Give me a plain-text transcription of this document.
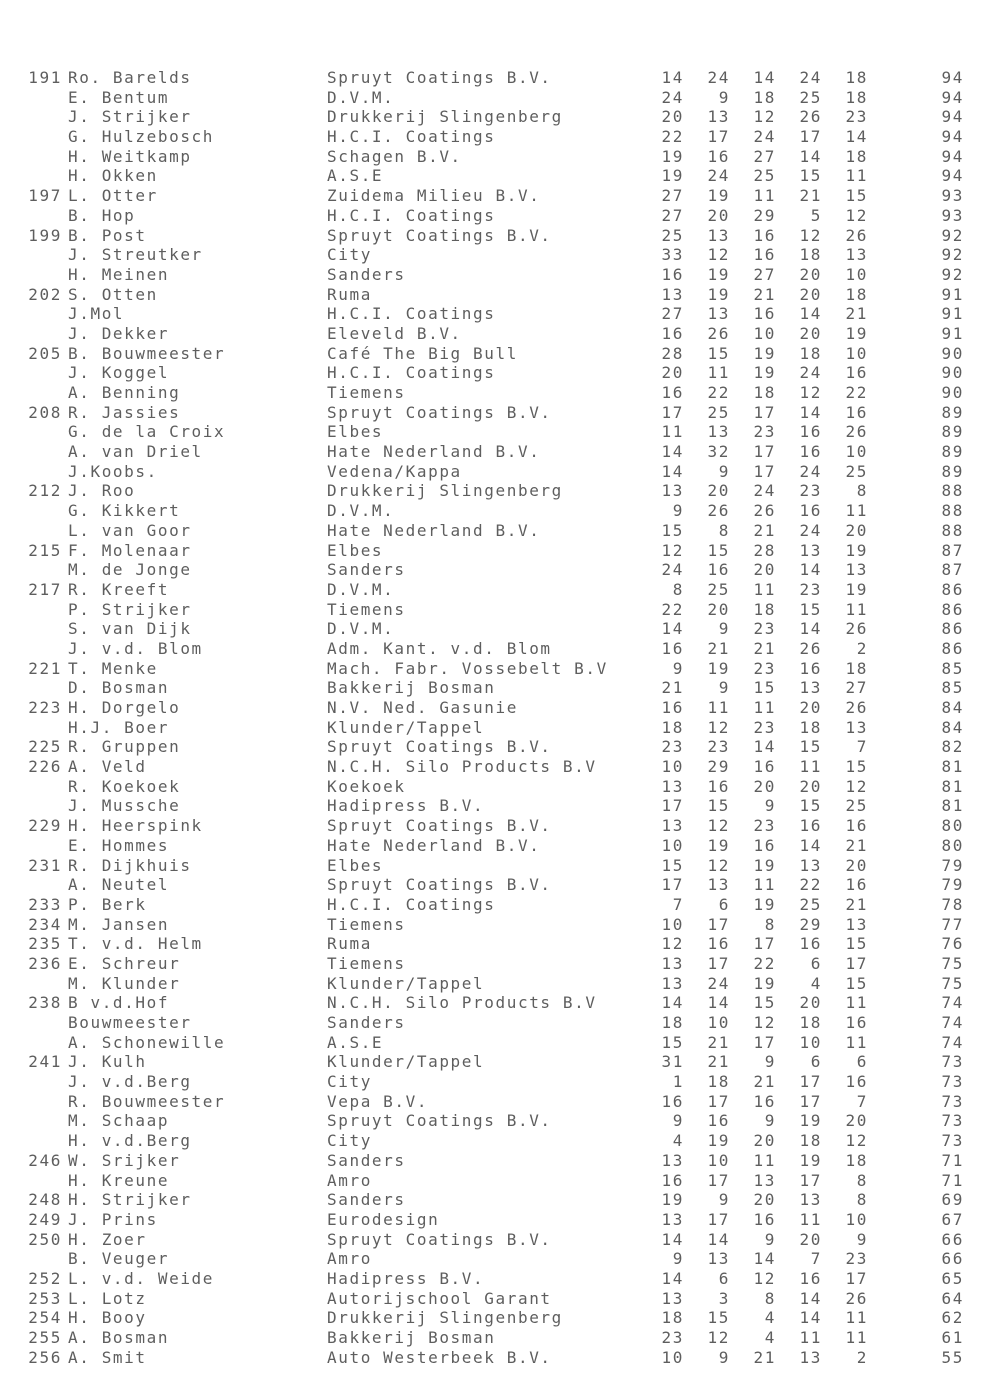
191 Ro. Barelds	Spruyt Coatings B.V.	14	24	14	24	18	94
E. Bentum	D.V.M.	24	9	18	25	18	94
J. Strijker	Drukkerij Slingenberg	20	13	12	26	23	94
G. Hulzebosch	H.C.I. Coatings	22	17	24	17	14	94
H. Weitkamp	Schagen B.V.	19	16	27	14	18	94
H. Okken	A.S.E	19	24	25	15	11	94
197 L. Otter	Zuidema Milieu B.V.	27	19	11	21	15	93
B. Hop	H.C.I. Coatings	27	20	29	5	12	93
199 B. Post	Spruyt Coatings B.V.	25	13	16	12	26	92
J. Streutker	City	33	12	16	18	13	92
H. Meinen	Sanders	16	19	27	20	10	92
202 S. Otten	Ruma	13	19	21	20	18	91
J.Mol	H.C.I. Coatings	27	13	16	14	21	91
J. Dekker	Eleveld B.V.	16	26	10	20	19	91
205 B. Bouwmeester	Café The Big Bull	28	15	19	18	10	90
J. Koggel	H.C.I. Coatings	20	11	19	24	16	90
A. Benning	Tiemens	16	22	18	12	22	90
208 R. Jassies	Spruyt Coatings B.V.	17	25	17	14	16	89
G. de la Croix	Elbes	11	13	23	16	26	89
A. van Driel	Hate Nederland B.V.	14	32	17	16	10	89
J.Koobs.	Vedena/Kappa	14	9	17	24	25	89
212 J. Roo	Drukkerij Slingenberg	13	20	24	23	8	88
G. Kikkert	D.V.M.	9	26	26	16	11	88
L. van Goor	Hate Nederland B.V.	15	8	21	24	20	88
215 F. Molenaar	Elbes	12	15	28	13	19	87
M. de Jonge	Sanders	24	16	20	14	13	87
217 R. Kreeft	D.V.M.	8	25	11	23	19	86
P. Strijker	Tiemens	22	20	18	15	11	86
S. van Dijk	D.V.M.	14	9	23	14	26	86
J. v.d. Blom	Adm. Kant. v.d. Blom	16	21	21	26	2	86
221 T. Menke	Mach. Fabr. Vossebelt B.V	9	19	23	16	18	85
D. Bosman	Bakkerij Bosman	21	9	15	13	27	85
223 H. Dorgelo	N.V. Ned. Gasunie	16	11	11	20	26	84
H.J. Boer	Klunder/Tappel	18	12	23	18	13	84
225 R. Gruppen	Spruyt Coatings B.V.	23	23	14	15	7	82
226 A. Veld	N.C.H. Silo Products B.V	10	29	16	11	15	81
R. Koekoek	Koekoek	13	16	20	20	12	81
J. Mussche	Hadipress B.V.	17	15	9	15	25	81
229 H. Heerspink	Spruyt Coatings B.V.	13	12	23	16	16	80
E. Hommes	Hate Nederland B.V.	10	19	16	14	21	80
231 R. Dijkhuis	Elbes	15	12	19	13	20	79
A. Neutel	Spruyt Coatings B.V.	17	13	11	22	16	79
233 P. Berk	H.C.I. Coatings	7	6	19	25	21	78
234 M. Jansen	Tiemens	10	17	8	29	13	77
235 T. v.d. Helm	Ruma	12	16	17	16	15	76
236 E. Schreur	Tiemens	13	17	22	6	17	75
M. Klunder	Klunder/Tappel	13	24	19	4	15	75
238 B v.d.Hof	N.C.H. Silo Products B.V	14	14	15	20	11	74
Bouwmeester	Sanders	18	10	12	18	16	74
A. Schonewille	A.S.E	15	21	17	10	11	74
241 J. Kulh	Klunder/Tappel	31	21	9	6	6	73
J. v.d.Berg	City	1	18	21	17	16	73
R. Bouwmeester	Vepa B.V.	16	17	16	17	7	73
M. Schaap	Spruyt Coatings B.V.	9	16	9	19	20	73
H. v.d.Berg	City	4	19	20	18	12	73
246 W. Srijker	Sanders	13	10	11	19	18	71
H. Kreune	Amro	16	17	13	17	8	71
248 H. Strijker	Sanders	19	9	20	13	8	69
249 J. Prins	Eurodesign	13	17	16	11	10	67
250 H. Zoer	Spruyt Coatings B.V.	14	14	9	20	9	66
B. Veuger	Amro	9	13	14	7	23	66
252 L. v.d. Weide	Hadipress B.V.	14	6	12	16	17	65
253 L. Lotz	Autorijschool Garant	13	3	8	14	26	64
254 H. Booy	Drukkerij Slingenberg	18	15	4	14	11	62
255 A. Bosman	Bakkerij Bosman	23	12	4	11	11	61
256 A. Smit	Auto Westerbeek B.V.	10	9	21	13	2	55
